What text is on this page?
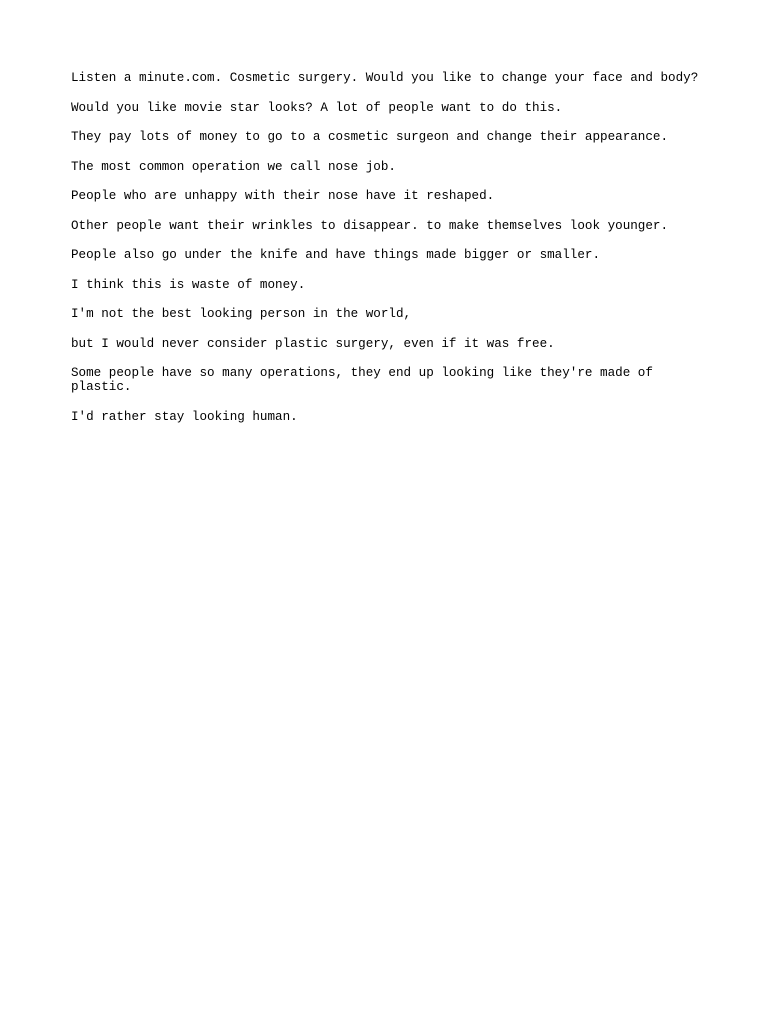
Listen a minute.com. Cosmetic surgery. Would you like to change your face and body?

Would you like movie star looks? A lot of people want to do this.

They pay lots of money to go to a cosmetic surgeon and change their appearance.

The most common operation we call nose job.

People who are unhappy with their nose have it reshaped.

Other people want their wrinkles to disappear. to make themselves look younger.

People also go under the knife and have things made bigger or smaller.

I think this is waste of money.

I'm not the best looking person in the world,

but I would never consider plastic surgery, even if it was free.

Some people have so many operations, they end up looking like they're made of plastic.

I'd rather stay looking human.
